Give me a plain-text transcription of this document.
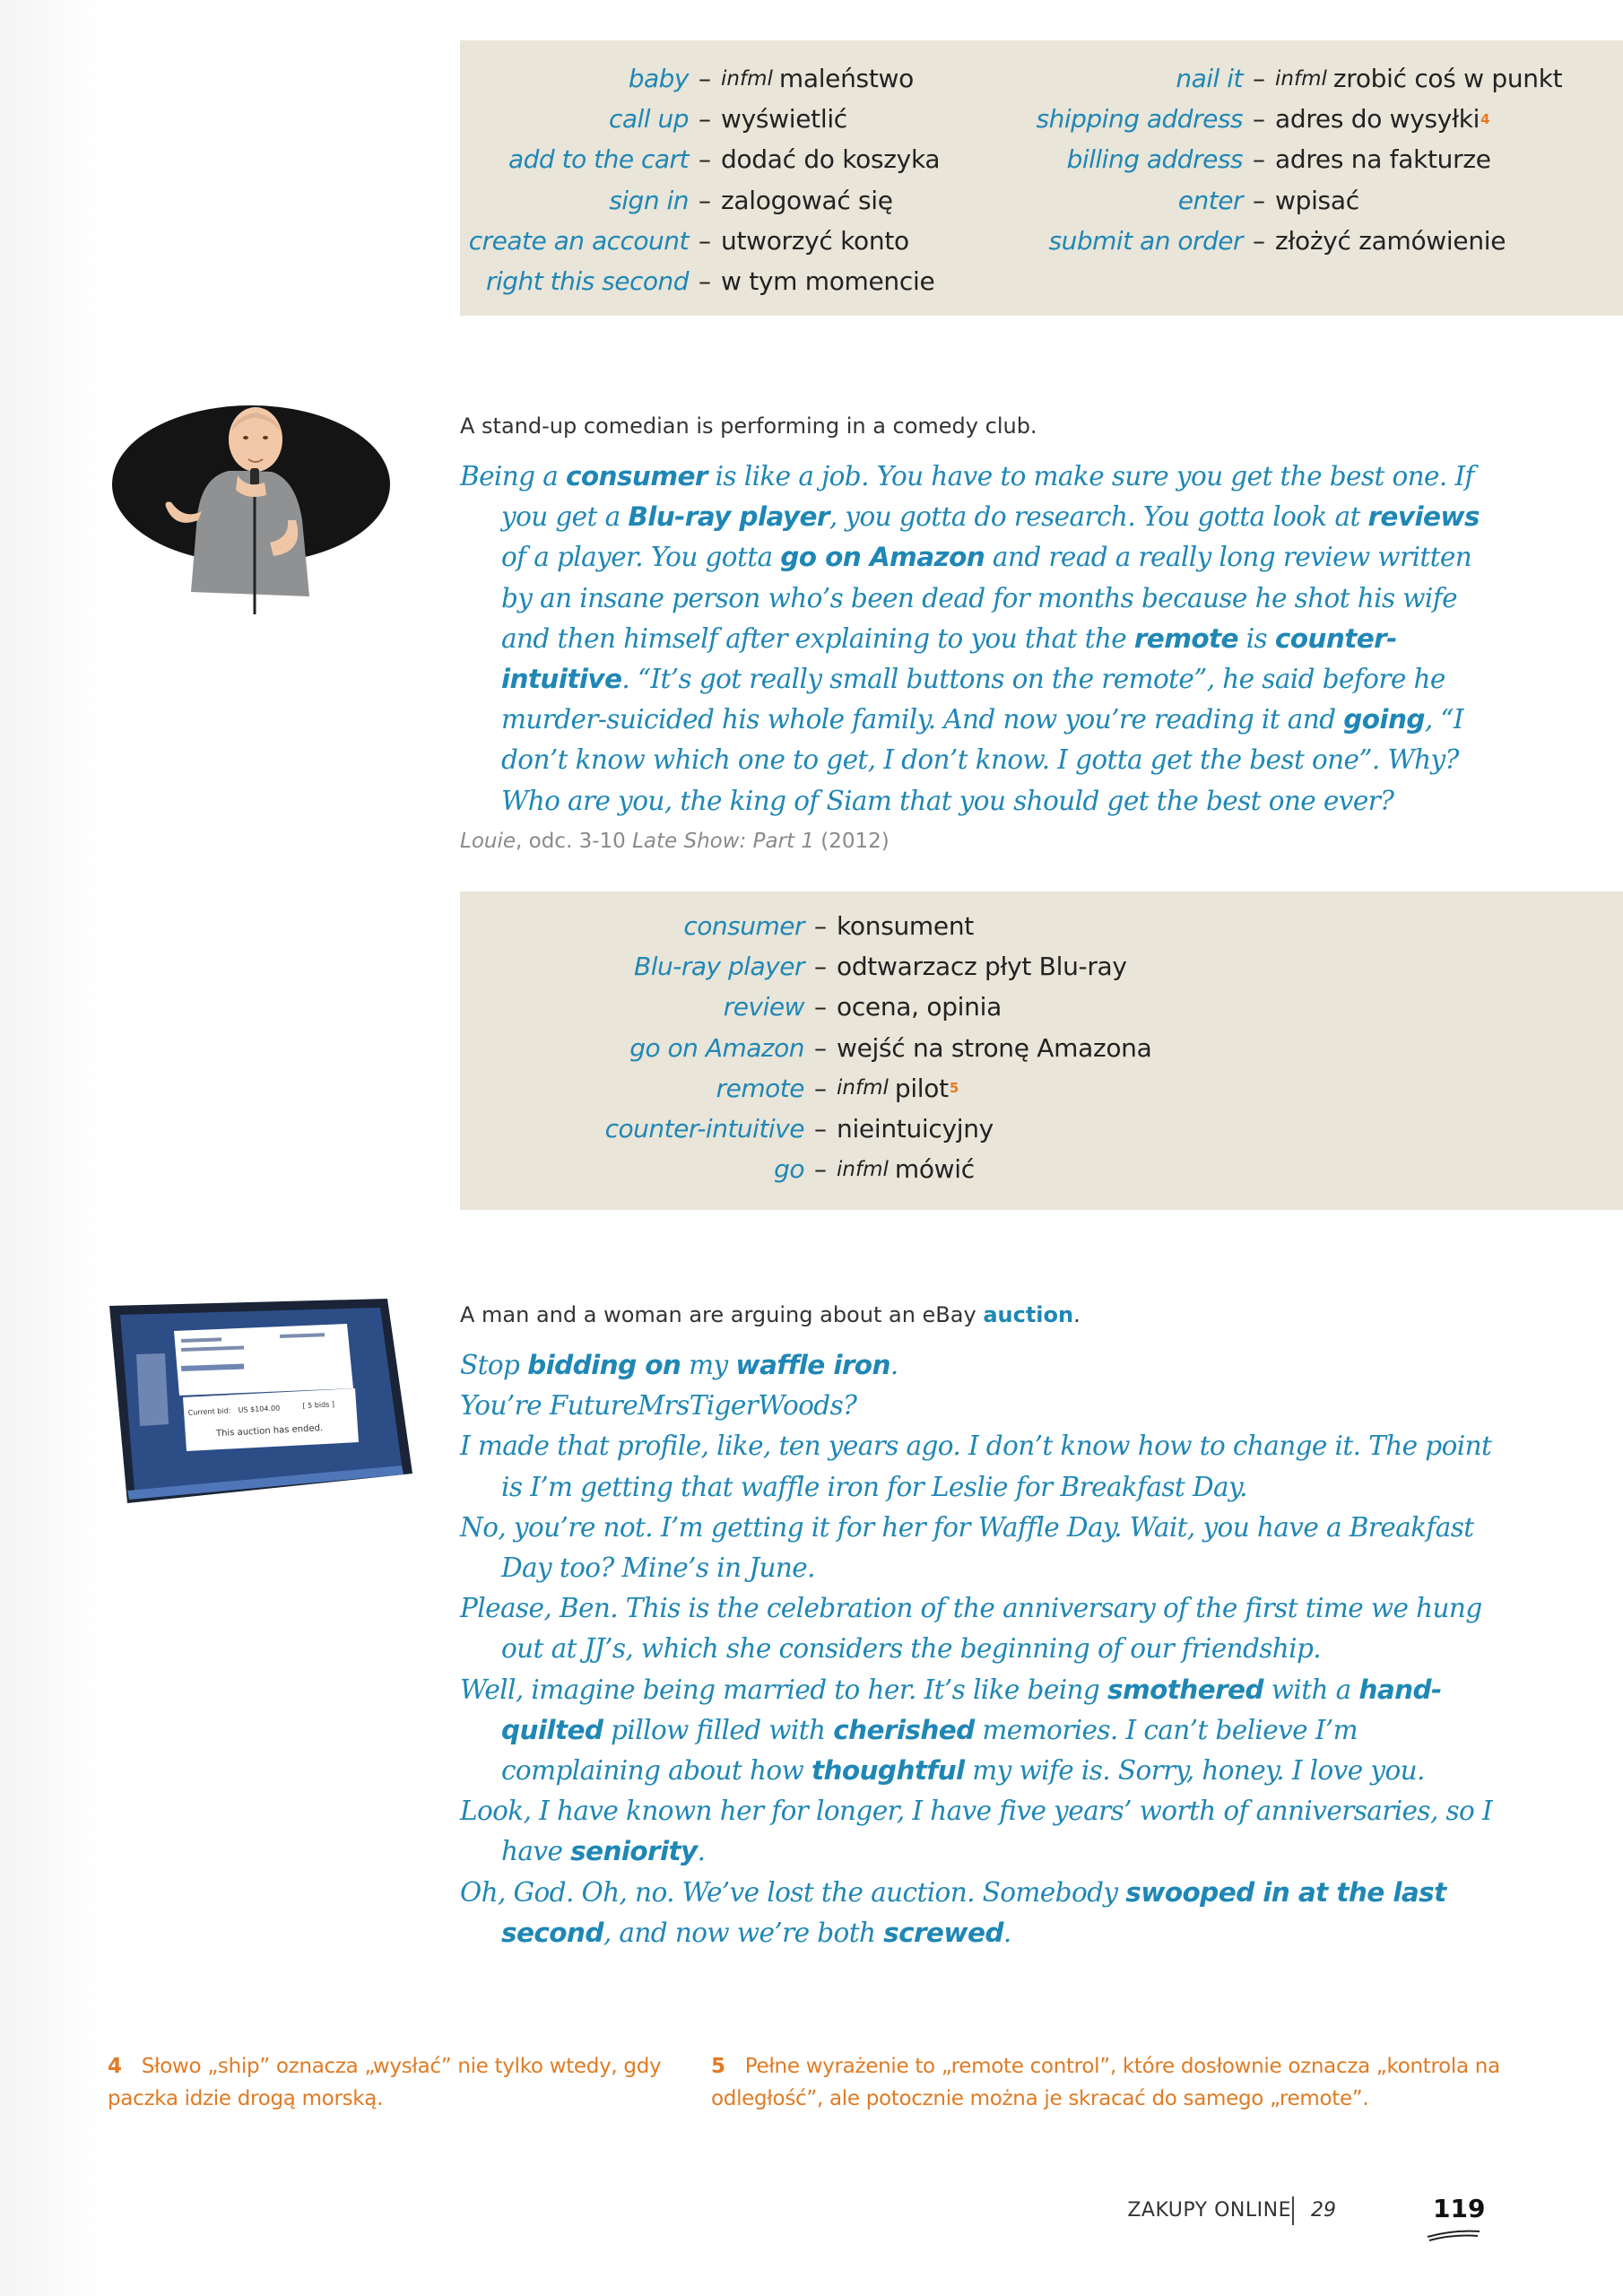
baby – infml maleństwo
call up – wyświetlić
add to the cart – dodać do koszyka
sign in – zalogować się
create an account – utworzyć konto
right this second – w tym momencie
nail it – infml zrobić coś w punkt
shipping address – adres do wysyłki 4
billing address – adres na fakturze
enter – wpisać
submit an order – złożyć zamówienie
A stand-up comedian is performing in a comedy club.

Being a consumer is like a job. You have to make sure you get the best one. If you get a Blu-ray player, you gotta do research. You gotta look at reviews of a player. You gotta go on Amazon and read a really long review written by an insane person who’s been dead for months because he shot his wife and then himself after explaining to you that the remote is counter-intuitive. “It’s got really small buttons on the remote”, he said before he murder-suicided his whole family. And now you’re reading it and going, “I don’t know which one to get, I don’t know. I gotta get the best one”. Why? Who are you, the king of Siam that you should get the best one ever?

Louie, odc. 3-10 Late Show: Part 1 (2012)
consumer – konsument
Blu-ray player – odtwarzacz płyt Blu-ray
review – ocena, opinia
go on Amazon – wejść na stronę Amazona
remote – infml pilot 5
counter-intuitive – nieintuicyjny
go – infml mówić
Current bid: US $104.00	[ 5 bids ]
This auction has ended.
A man and a woman are arguing about an eBay auction.

Stop bidding on my waffle iron.

You’re FutureMrsTigerWoods?

I made that profile, like, ten years ago. I don’t know how to change it. The point is I’m getting that waffle iron for Leslie for Breakfast Day.

No, you’re not. I’m getting it for her for Waffle Day. Wait, you have a Breakfast Day too? Mine’s in June.

Please, Ben. This is the celebration of the anniversary of the first time we hung out at JJ’s, which she considers the beginning of our friendship.

Well, imagine being married to her. It’s like being smothered with a hand-quilted pillow filled with cherished memories. I can’t believe I’m complaining about how thoughtful my wife is. Sorry, honey. I love you.

Look, I have known her for longer, I have five years’ worth of anniversaries, so I have seniority.

Oh, God. Oh, no. We’ve lost the auction. Somebody swooped in at the last second, and now we’re both screwed.

4 Słowo „ship” oznacza „wysłać” nie tylko wtedy, gdy paczka idzie drogą morską.
5 Pełne wyrażenie to „remote control”, które dosłownie oznacza „kontrola na odległość”, ale potocznie można je skracać do samego „remote”.
ZAKUPY ONLINE 29	119
